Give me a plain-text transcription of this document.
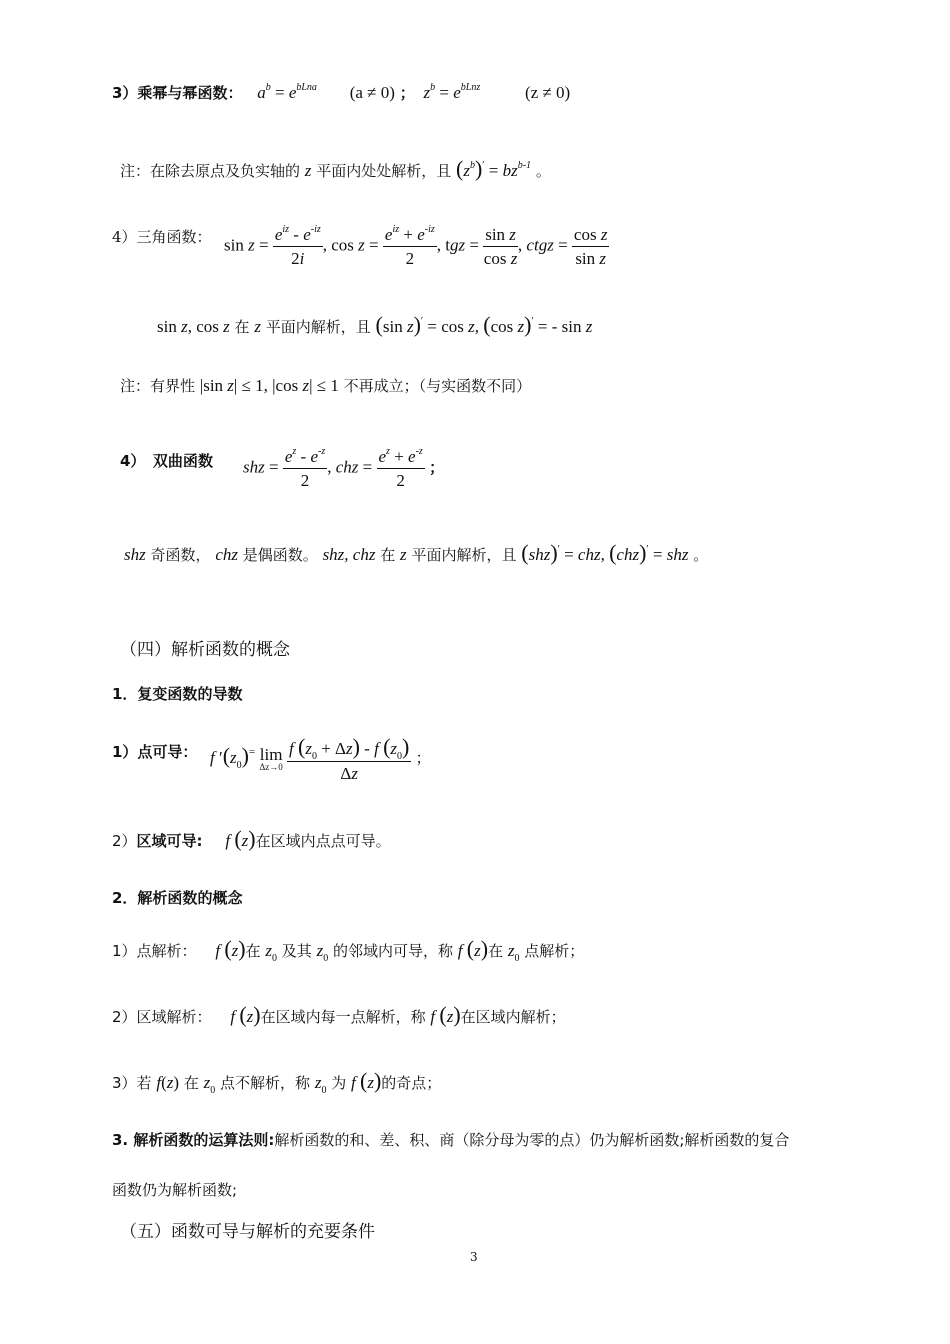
3）乘幂与幂函数： $a^b = e^{bLna}$ (a ≠ 0) ； $z^b = e^{bLnz}$	(z ≠ 0)
注：在除去原点及负实轴的 z 平面内处处解析，且 $(z^b)' = bz^{b-1}$ 。
4）三角函数： $\sin z = \frac{e^{iz} - e^{-iz}}{2i}$ , $\cos z = \frac{e^{iz} + e^{-iz}}{2}$ , tgz = $\frac{\text{sin z}}{\text{cos z}}$ , ctgz = $\frac{\text{cos z}}{\text{sin z}}$
sin z, cos z 在 z 平面内解析，且 (sin z)′ = cos z, (cos z)′ = - sin z
注：有界性 |sin z| ≤ 1, |cos z| ≤ 1 不再成立；（与实函数不同）
4）　双曲函数 shz = $\frac{e^z - e^{-z}}{2}$ , chz = $\frac{e^z + e^{-z}}{2}$ ；
shz 奇函数， chz 是偶函数。 shz, chz 在 z 平面内解析，且 (shz)′ = chz, (chz)′ = shz 。
（四）解析函数的概念
1．复变函数的导数
1）点可导： f $'(z_0)^=$ lim
Δz→0
$\frac{f (z_0 + \Delta z) - f (z_0)}{\Delta z}$ ；
2）区域可导: f (z)在区域内点点可导。
2．解析函数的概念
1）点解析： f (z)在 $z_0$ 及其 $z_0$ 的邻域内可导，称 f (z)在 $z_0$ 点解析；
2）区域解析： f (z)在区域内每一点解析，称 f (z)在区域内解析；
3）若 f(z) 在 $z_0$ 点不解析，称 $z_0$ 为 f (z)的奇点；
3. 解析函数的运算法则:解析函数的和、差、积、商（除分母为零的点）仍为解析函数;解析函数的复合
函数仍为解析函数;
（五）函数可导与解析的充要条件
3
